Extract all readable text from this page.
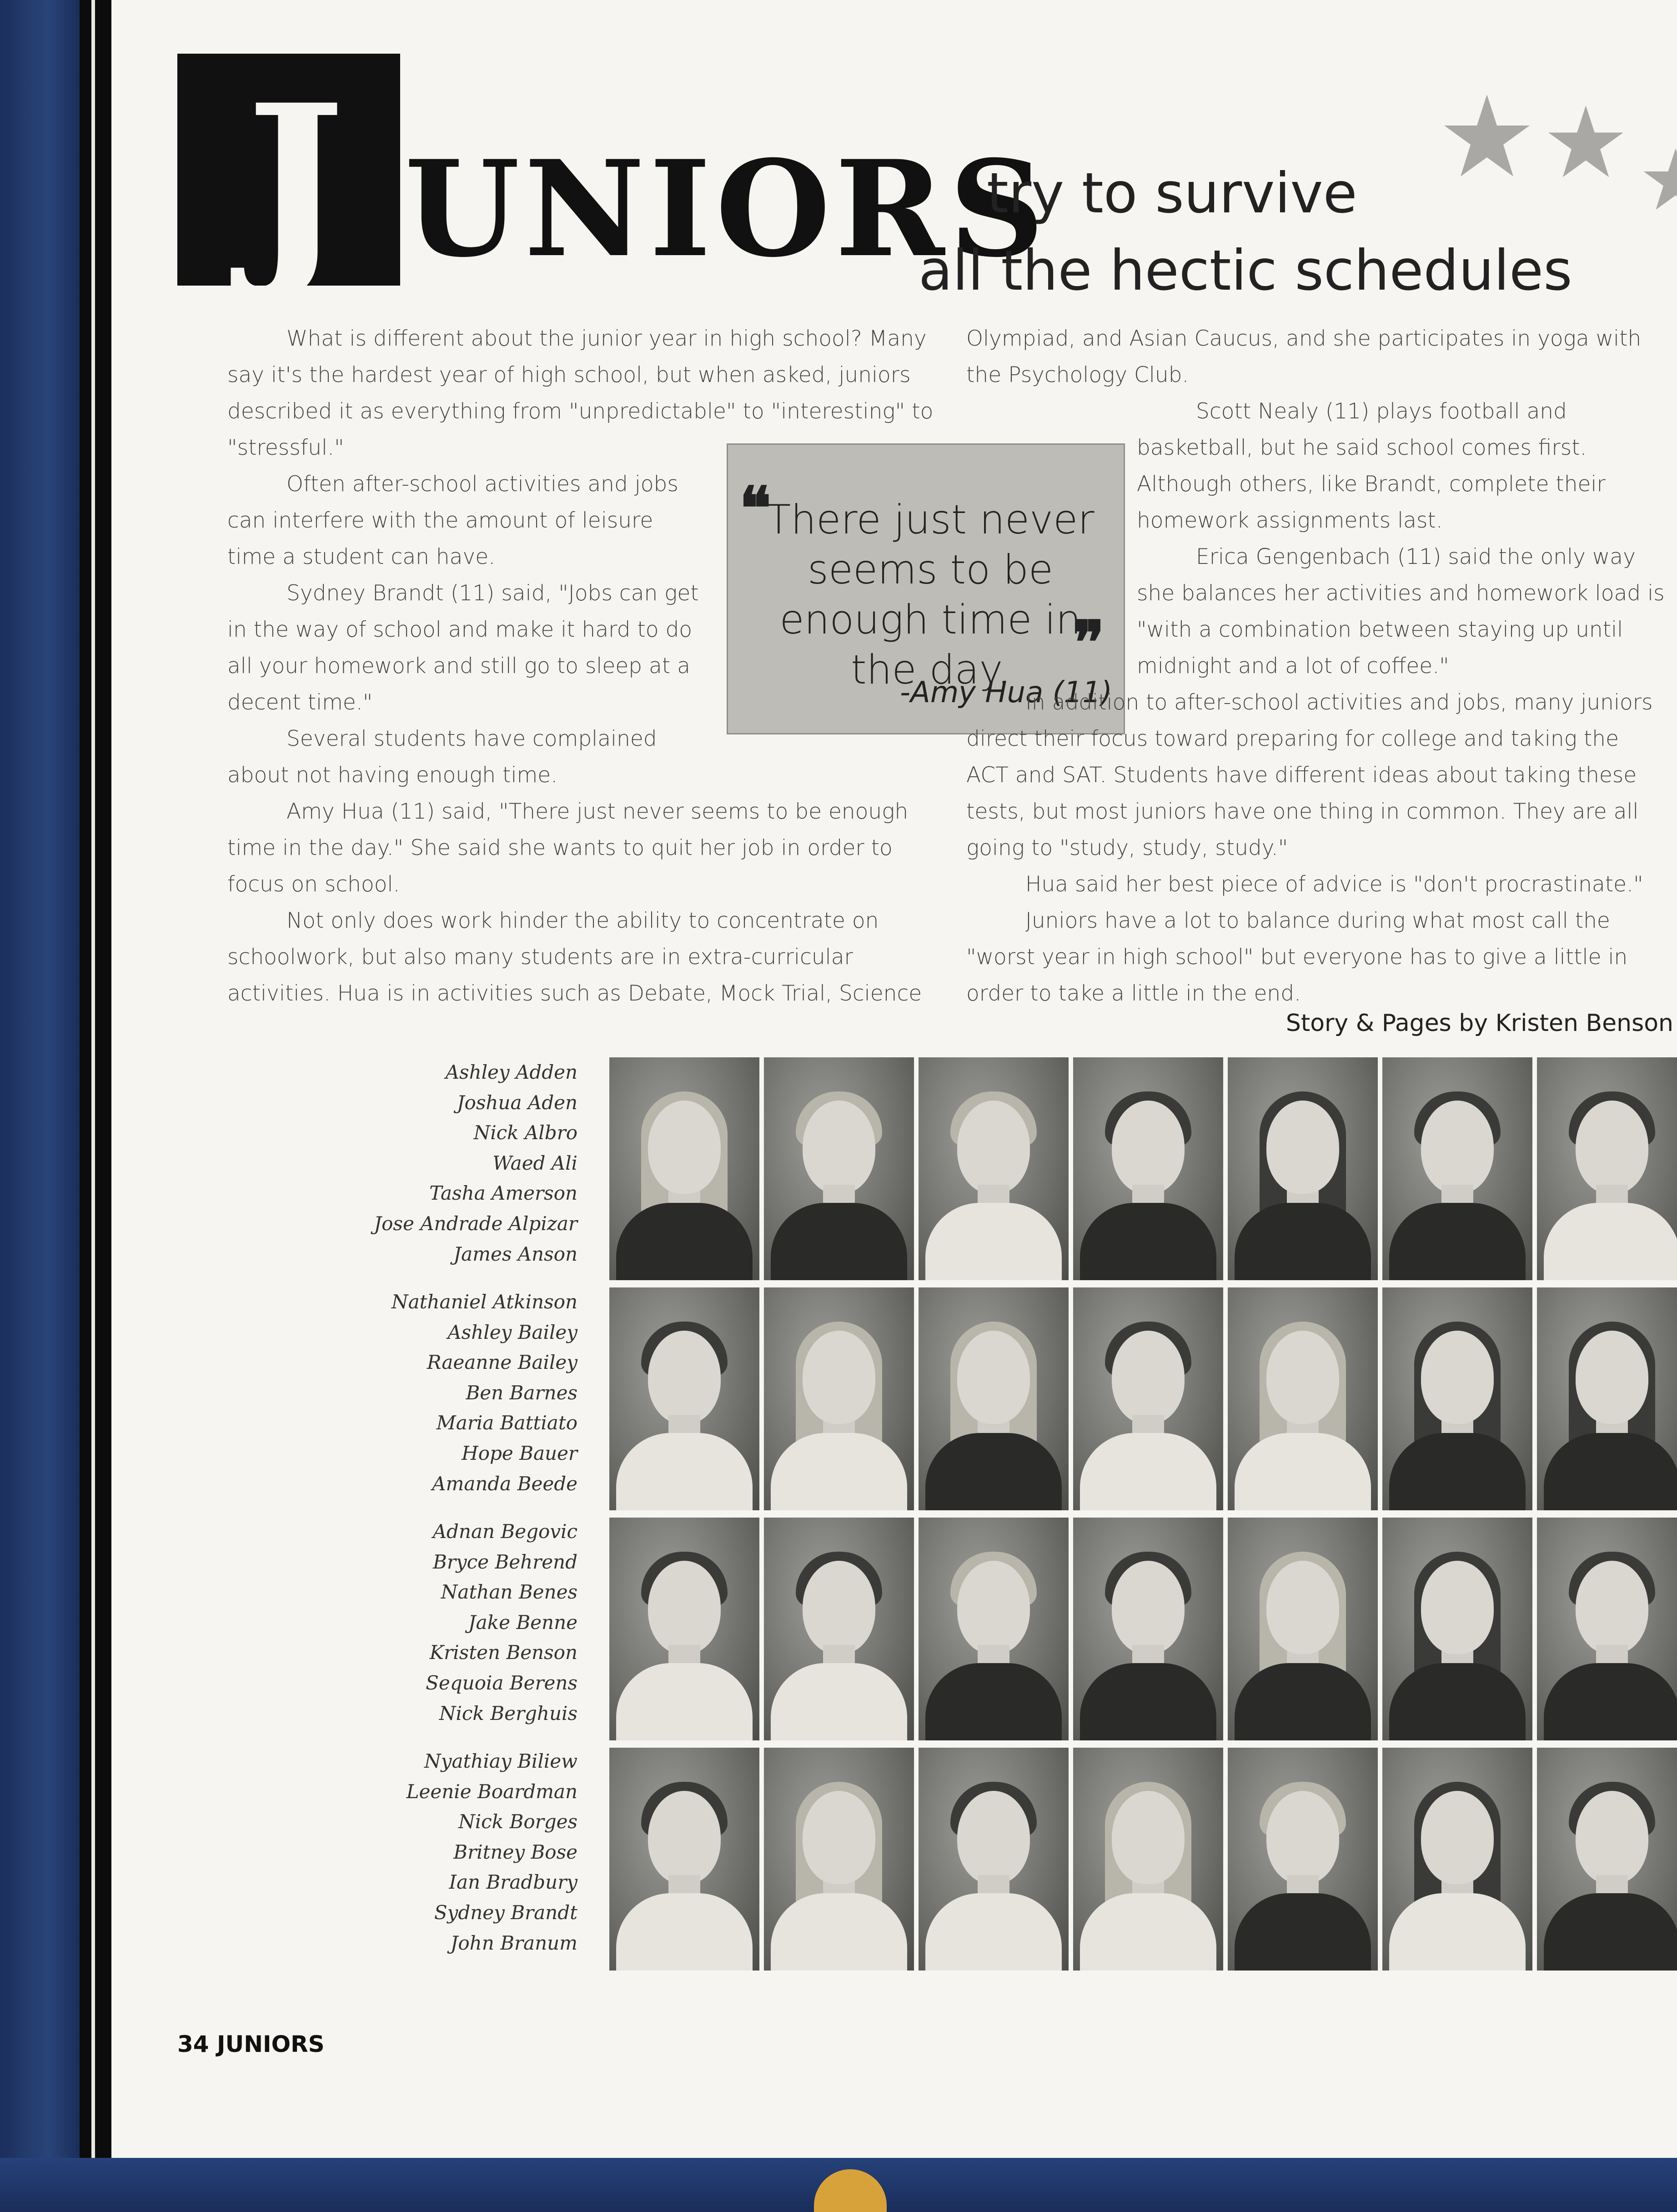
J UNIORS
try to survive
all the hectic schedules

What is different about the junior year in high school? Many say it's the hardest year of high school, but when asked, juniors described it as everything from "unpredictable" to "interesting" to "stressful."

Often after-school activities and jobs can interfere with the amount of leisure time a student can have.

Sydney Brandt (11) said, "Jobs can get in the way of school and make it hard to do all your homework and still go to sleep at a decent time."

Several students have complained about not having enough time.

Amy Hua (11) said, "There just never seems to be enough time in the day." She said she wants to quit her job in order to focus on school.

Not only does work hinder the ability to concentrate on schoolwork, but also many students are in extra-curricular activities. Hua is in activities such as Debate, Mock Trial, Science

❝
There just never seems to be enough time in the day.	❞
-Amy Hua (11)

Olympiad, and Asian Caucus, and she participates in yoga with the Psychology Club.

Scott Nealy (11) plays football and basketball, but he said school comes first. Although others, like Brandt, complete their homework assignments last.

Erica Gengenbach (11) said the only way she balances her activities and homework load is "with a combination between staying up until midnight and a lot of coffee."

In addition to after-school activities and jobs, many juniors direct their focus toward preparing for college and taking the ACT and SAT. Students have different ideas about taking these tests, but most juniors have one thing in common. They are all going to "study, study, study."

Hua said her best piece of advice is "don't procrastinate."

Juniors have a lot to balance during what most call the "worst year in high school" but everyone has to give a little in order to take a little in the end.

Story & Pages by Kristen Benson
Ashley Adden
Joshua Aden
Nick Albro
Waed Ali
Tasha Amerson
Jose Andrade Alpizar
James Anson
Nathaniel Atkinson
Ashley Bailey
Raeanne Bailey
Ben Barnes
Maria Battiato
Hope Bauer
Amanda Beede
Adnan Begovic
Bryce Behrend
Nathan Benes
Jake Benne
Kristen Benson
Sequoia Berens
Nick Berghuis
Nyathiay Biliew
Leenie Boardman
Nick Borges
Britney Bose
Ian Bradbury
Sydney Brandt
John Branum
34 JUNIORS
